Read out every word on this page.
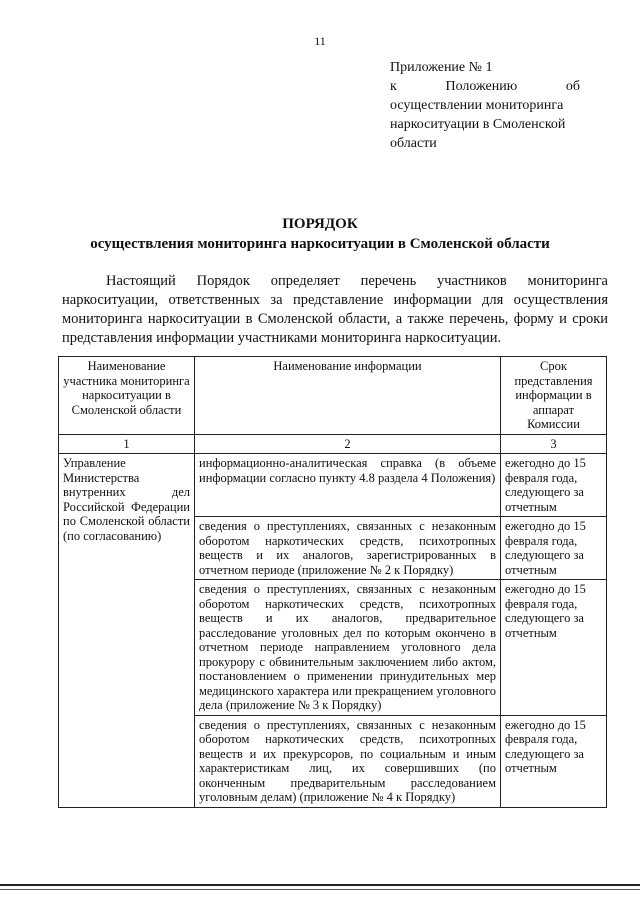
11
Приложение № 1
к	Положению	об
осуществлении мониторинга
наркоситуации в Смоленской
области
ПОРЯДОК
осуществления мониторинга наркоситуации в Смоленской области

Настоящий Порядок определяет перечень участников мониторинга наркоситуации, ответственных за представление информации для осуществления мониторинга наркоситуации в Смоленской области, а также перечень, форму и сроки представления информации участниками мониторинга наркоситуации.

Наименование участника мониторинга наркоситуации в Смоленской области	Наименование информации	Срок представления информации в аппарат Комиссии
1	2	3

Управление Министерства внутренних дел Российской Федерации по Смоленской области (по согласованию)	информационно-аналитическая справка (в объеме информации согласно пункту 4.8 раздела 4 Положения)	ежегодно до 15 февраля года, следующего за отчетным

	сведения о преступлениях, связанных с незаконным оборотом наркотических средств, психотропных веществ и их аналогов, зарегистрированных в отчетном периоде (приложение № 2 к Порядку)	ежегодно до 15 февраля года, следующего за отчетным

	сведения о преступлениях, связанных с незаконным оборотом наркотических средств, психотропных веществ и их аналогов, предварительное расследование уголовных дел по которым окончено в отчетном периоде направлением уголовного дела прокурору с обвинительным заключением либо актом, постановлением о применении принудительных мер медицинского характера или прекращением уголовного дела (приложение № 3 к Порядку)	ежегодно до 15 февраля года, следующего за отчетным

	сведения о преступлениях, связанных с незаконным оборотом наркотических средств, психотропных веществ и их прекурсоров, по социальным и иным характеристикам лиц, их совершивших (по оконченным предварительным расследованием уголовным делам) (приложение № 4 к Порядку)	ежегодно до 15 февраля года, следующего за отчетным
